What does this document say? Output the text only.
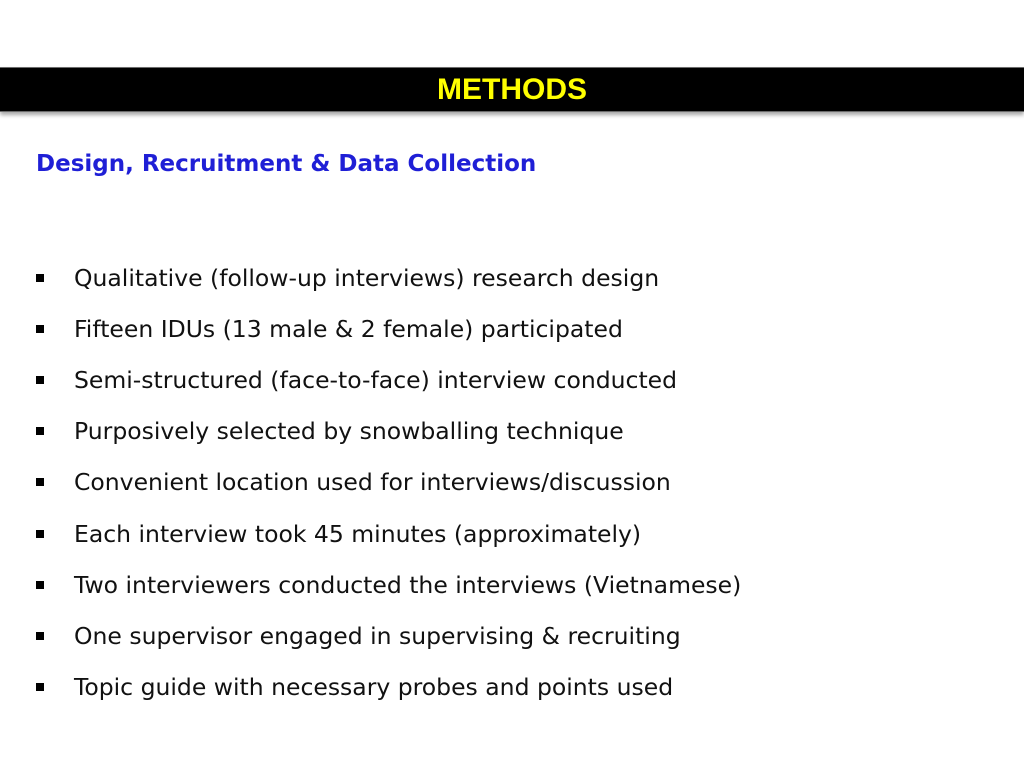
METHODS
Design, Recruitment & Data Collection
Qualitative (follow-up interviews) research design
Fifteen IDUs (13 male & 2 female) participated
Semi-structured (face-to-face) interview conducted
Purposively selected by snowballing technique
Convenient location used for interviews/discussion
Each interview took 45 minutes (approximately)
Two interviewers conducted the interviews (Vietnamese)
One supervisor engaged in supervising & recruiting
Topic guide with necessary probes and points used
